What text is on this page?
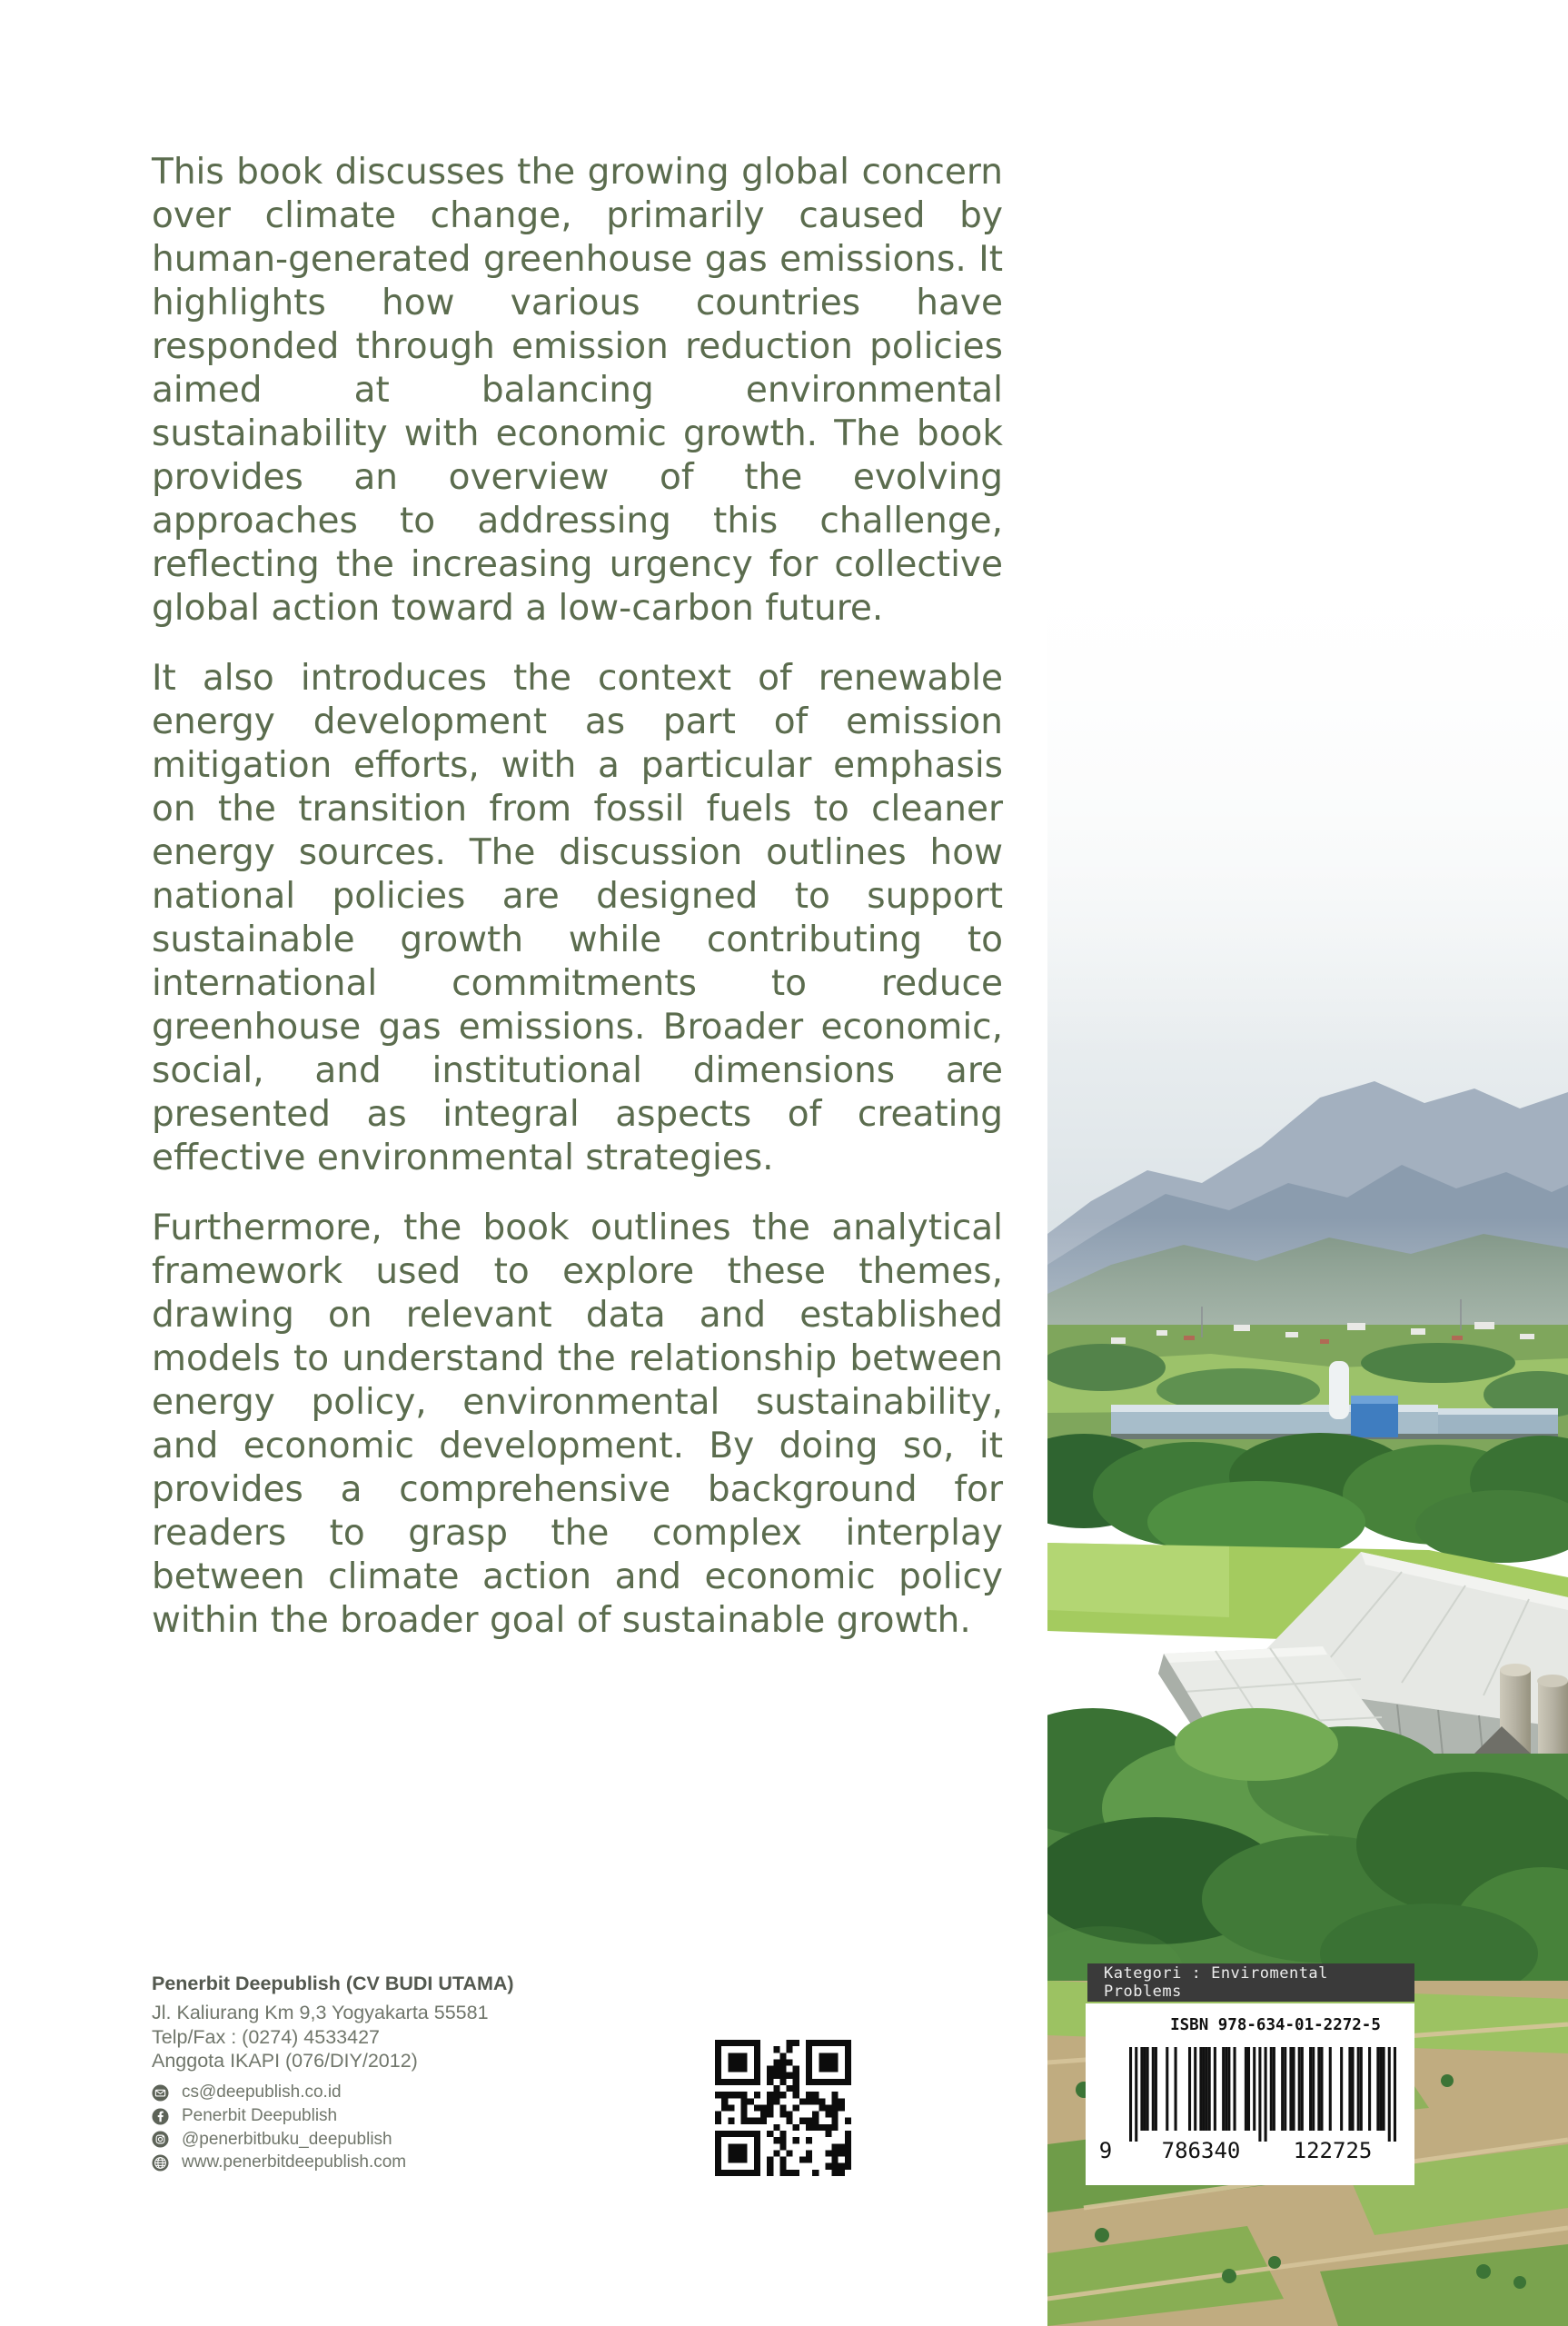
This book discusses the growing global concern over climate change, primarily caused by human-generated greenhouse gas emissions. It highlights how various countries have responded through emission reduction policies aimed at balancing environmental sustainability with economic growth. The book provides an overview of the evolving approaches to addressing this challenge, reflecting the increasing urgency for collective global action toward a low-carbon future.

It also introduces the context of renewable energy development as part of emission mitigation efforts, with a particular emphasis on the transition from fossil fuels to cleaner energy sources. The discussion outlines how national policies are designed to support sustainable growth while contributing to international commitments to reduce greenhouse gas emissions. Broader economic, social, and institutional dimensions are presented as integral aspects of creating effective environmental strategies.

Furthermore, the book outlines the analytical framework used to explore these themes, drawing on relevant data and established models to understand the relationship between energy policy, environmental sustainability, and economic development. By doing so, it provides a comprehensive background for readers to grasp the complex interplay between climate action and economic policy within the broader goal of sustainable growth.

Penerbit Deepublish (CV BUDI UTAMA)
Jl. Kaliurang Km 9,3 Yogyakarta 55581
Telp/Fax : (0274) 4533427
Anggota IKAPI (076/DIY/2012)
cs@deepublish.co.id
Penerbit Deepublish
@penerbitbuku_deepublish
www.penerbitdeepublish.com
Kategori : Enviromental Problems
ISBN 978-634-01-2272-5
9 786340 122725
